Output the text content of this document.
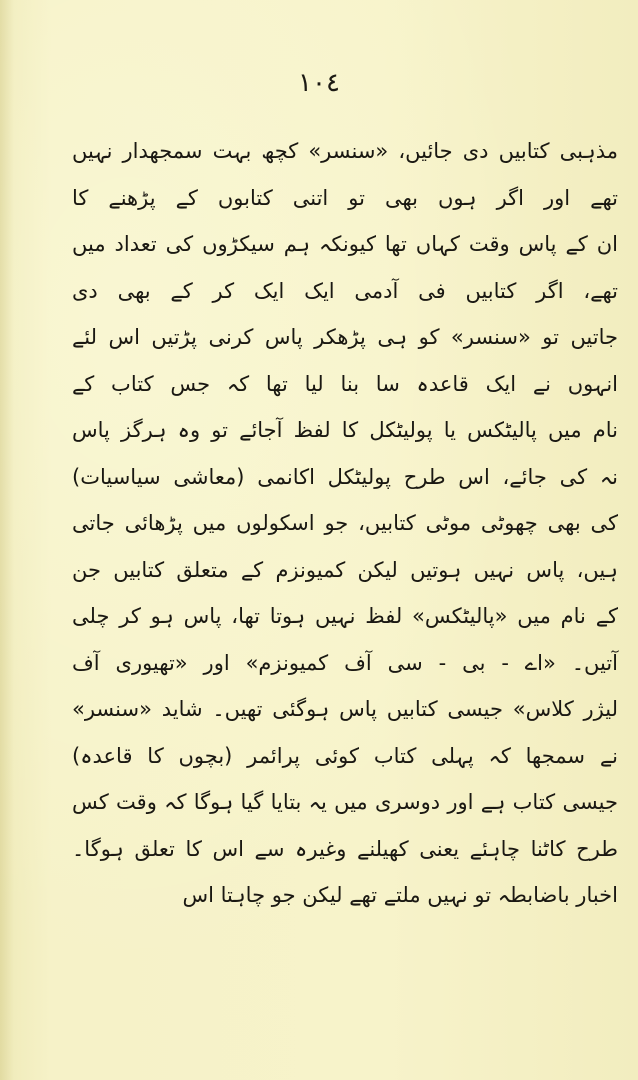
١٠٤
مذہبی کتابیں دی جائیں، «سنسر» کچھ بہت سمجھدار نہیں
تھے اور اگر ہوں بھی تو اتنی کتابوں کے پڑھنے کا
ان کے پاس وقت کہاں تھا کیونکہ ہم سیکڑوں کی تعداد میں
تھے، اگر کتابیں فی آدمی ایک ایک کر کے بھی دی
جاتیں تو «سنسر» کو ہی پڑھکر پاس کرنی پڑتیں اس لئے
انہوں نے ایک قاعدہ سا بنا لیا تھا کہ جس کتاب کے
نام میں پالیٹکس یا پولیٹکل کا لفظ آجائے تو وہ ہرگز پاس
نہ کی جائے، اس طرح پولیٹکل اکانمی (معاشی سیاسیات)
کی بھی چھوٹی موٹی کتابیں، جو اسکولوں میں پڑھائی جاتی
ہیں، پاس نہیں ہوتیں لیکن کمیونزم کے متعلق کتابیں جن
کے نام میں «پالیٹکس» لفظ نہیں ہوتا تھا، پاس ہو کر چلی
آتیں۔ «اے - بی - سی آف کمیونزم» اور «تھیوری آف
لیژر کلاس» جیسی کتابیں پاس ہوگئی تھیں۔ شاید «سنسر»
نے سمجھا کہ پہلی کتاب کوئی پرائمر (بچوں کا قاعدہ)
جیسی کتاب ہے اور دوسری میں یہ بتایا گیا ہوگا کہ وقت کس
طرح کاٹنا چاہئے یعنی کھیلنے وغیرہ سے اس کا تعلق ہوگا۔
اخبار باضابطہ تو نہیں ملتے تھے لیکن جو چاہتا اس
